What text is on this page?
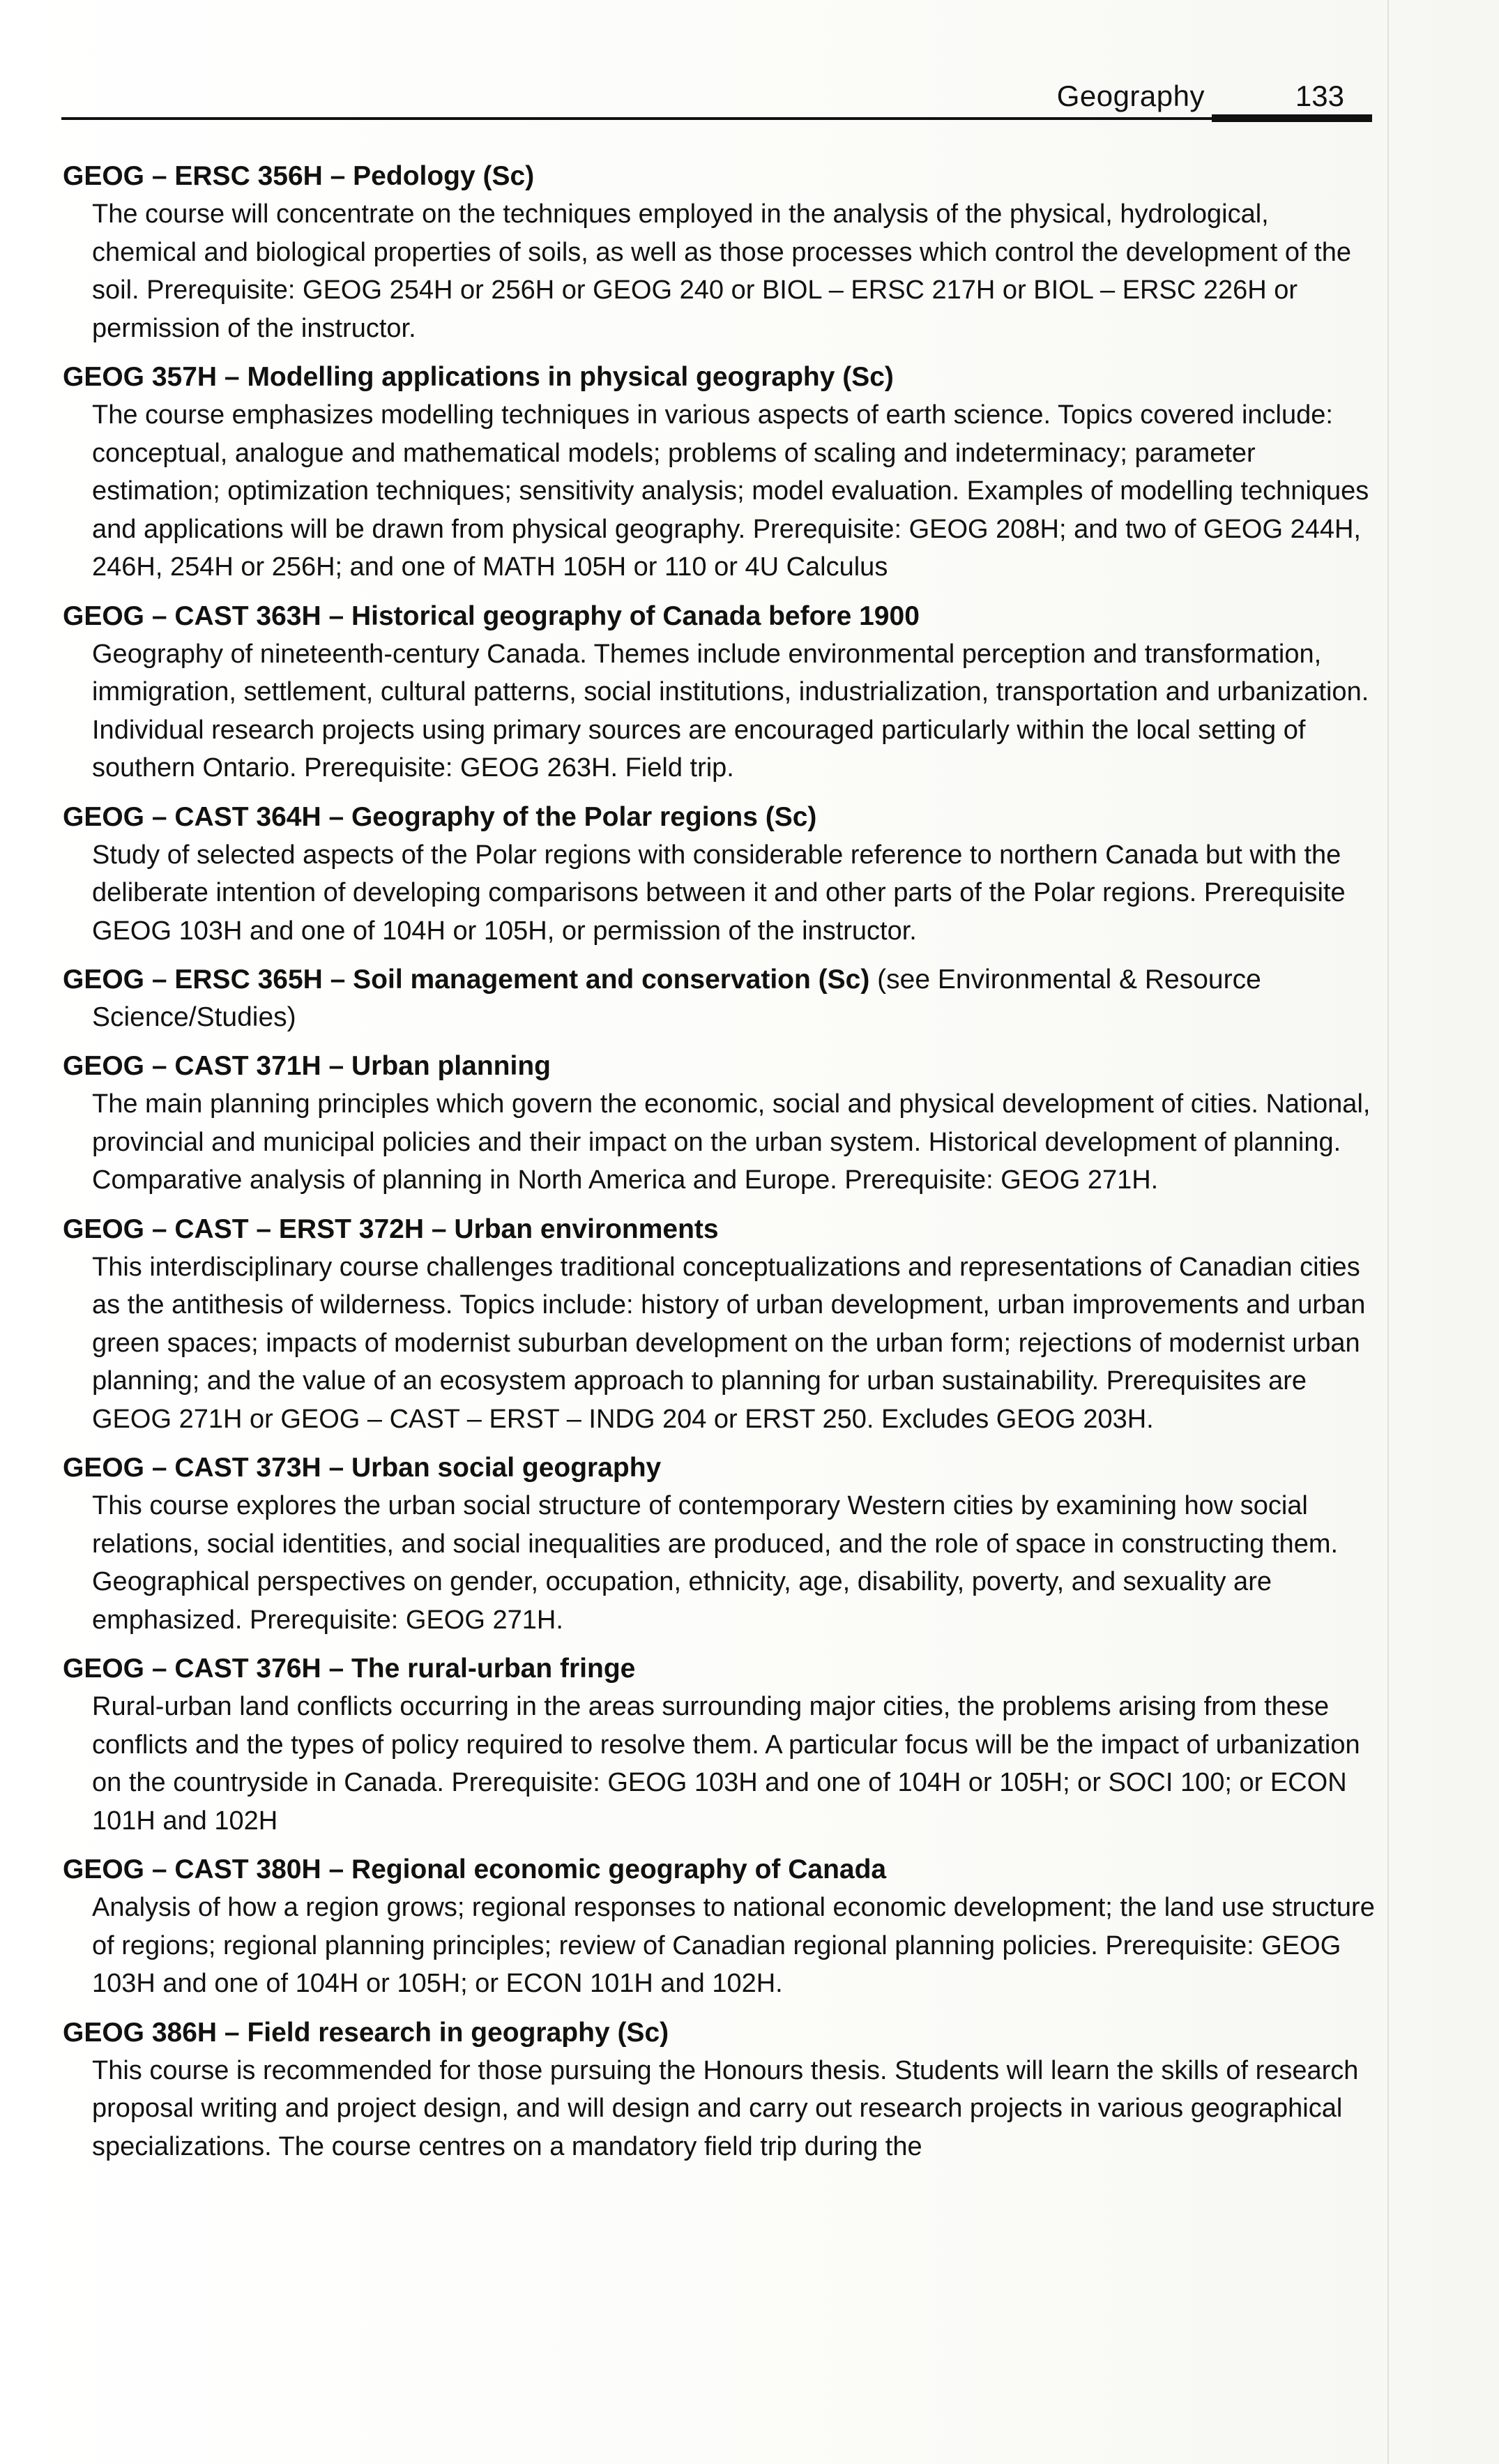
Geography	133

GEOG – ERSC 356H – Pedology (Sc)

The course will concentrate on the techniques employed in the analysis of the physical, hydrological, chemical and biological properties of soils, as well as those processes which control the development of the soil. Prerequisite: GEOG 254H or 256H or GEOG 240 or BIOL – ERSC 217H or BIOL – ERSC 226H or permission of the instructor.

GEOG 357H – Modelling applications in physical geography (Sc)

The course emphasizes modelling techniques in various aspects of earth science. Topics covered include: conceptual, analogue and mathematical models; problems of scaling and indeterminacy; parameter estimation; optimization techniques; sensitivity analysis; model evaluation. Examples of modelling techniques and applications will be drawn from physical geography. Prerequisite: GEOG 208H; and two of GEOG 244H, 246H, 254H or 256H; and one of MATH 105H or 110 or 4U Calculus

GEOG – CAST 363H – Historical geography of Canada before 1900

Geography of nineteenth-century Canada. Themes include environmental perception and transformation, immigration, settlement, cultural patterns, social institutions, industrialization, transportation and urbanization. Individual research projects using primary sources are encouraged particularly within the local setting of southern Ontario. Prerequisite: GEOG 263H. Field trip.

GEOG – CAST 364H – Geography of the Polar regions (Sc)

Study of selected aspects of the Polar regions with considerable reference to northern Canada but with the deliberate intention of developing comparisons between it and other parts of the Polar regions. Prerequisite GEOG 103H and one of 104H or 105H, or permission of the instructor.

GEOG – ERSC 365H – Soil management and conservation (Sc) (see Environmental & Resource
Science/Studies)

GEOG – CAST 371H – Urban planning

The main planning principles which govern the economic, social and physical development of cities. National, provincial and municipal policies and their impact on the urban system. Historical development of planning. Comparative analysis of planning in North America and Europe. Prerequisite: GEOG 271H.

GEOG – CAST – ERST 372H – Urban environments

This interdisciplinary course challenges traditional conceptualizations and representations of Canadian cities as the antithesis of wilderness. Topics include: history of urban development, urban improvements and urban green spaces; impacts of modernist suburban development on the urban form; rejections of modernist urban planning; and the value of an ecosystem approach to planning for urban sustainability. Prerequisites are GEOG 271H or GEOG – CAST – ERST – INDG 204 or ERST 250. Excludes GEOG 203H.

GEOG – CAST 373H – Urban social geography

This course explores the urban social structure of contemporary Western cities by examining how social relations, social identities, and social inequalities are produced, and the role of space in constructing them. Geographical perspectives on gender, occupation, ethnicity, age, disability, poverty, and sexuality are emphasized. Prerequisite: GEOG 271H.

GEOG – CAST 376H – The rural-urban fringe

Rural-urban land conflicts occurring in the areas surrounding major cities, the problems arising from these conflicts and the types of policy required to resolve them. A particular focus will be the impact of urbanization on the countryside in Canada. Prerequisite: GEOG 103H and one of 104H or 105H; or SOCI 100; or ECON 101H and 102H

GEOG – CAST 380H – Regional economic geography of Canada

Analysis of how a region grows; regional responses to national economic development; the land use structure of regions; regional planning principles; review of Canadian regional planning policies. Prerequisite: GEOG 103H and one of 104H or 105H; or ECON 101H and 102H.

GEOG 386H – Field research in geography (Sc)

This course is recommended for those pursuing the Honours thesis. Students will learn the skills of research proposal writing and project design, and will design and carry out research projects in various geographical specializations. The course centres on a mandatory field trip during the
